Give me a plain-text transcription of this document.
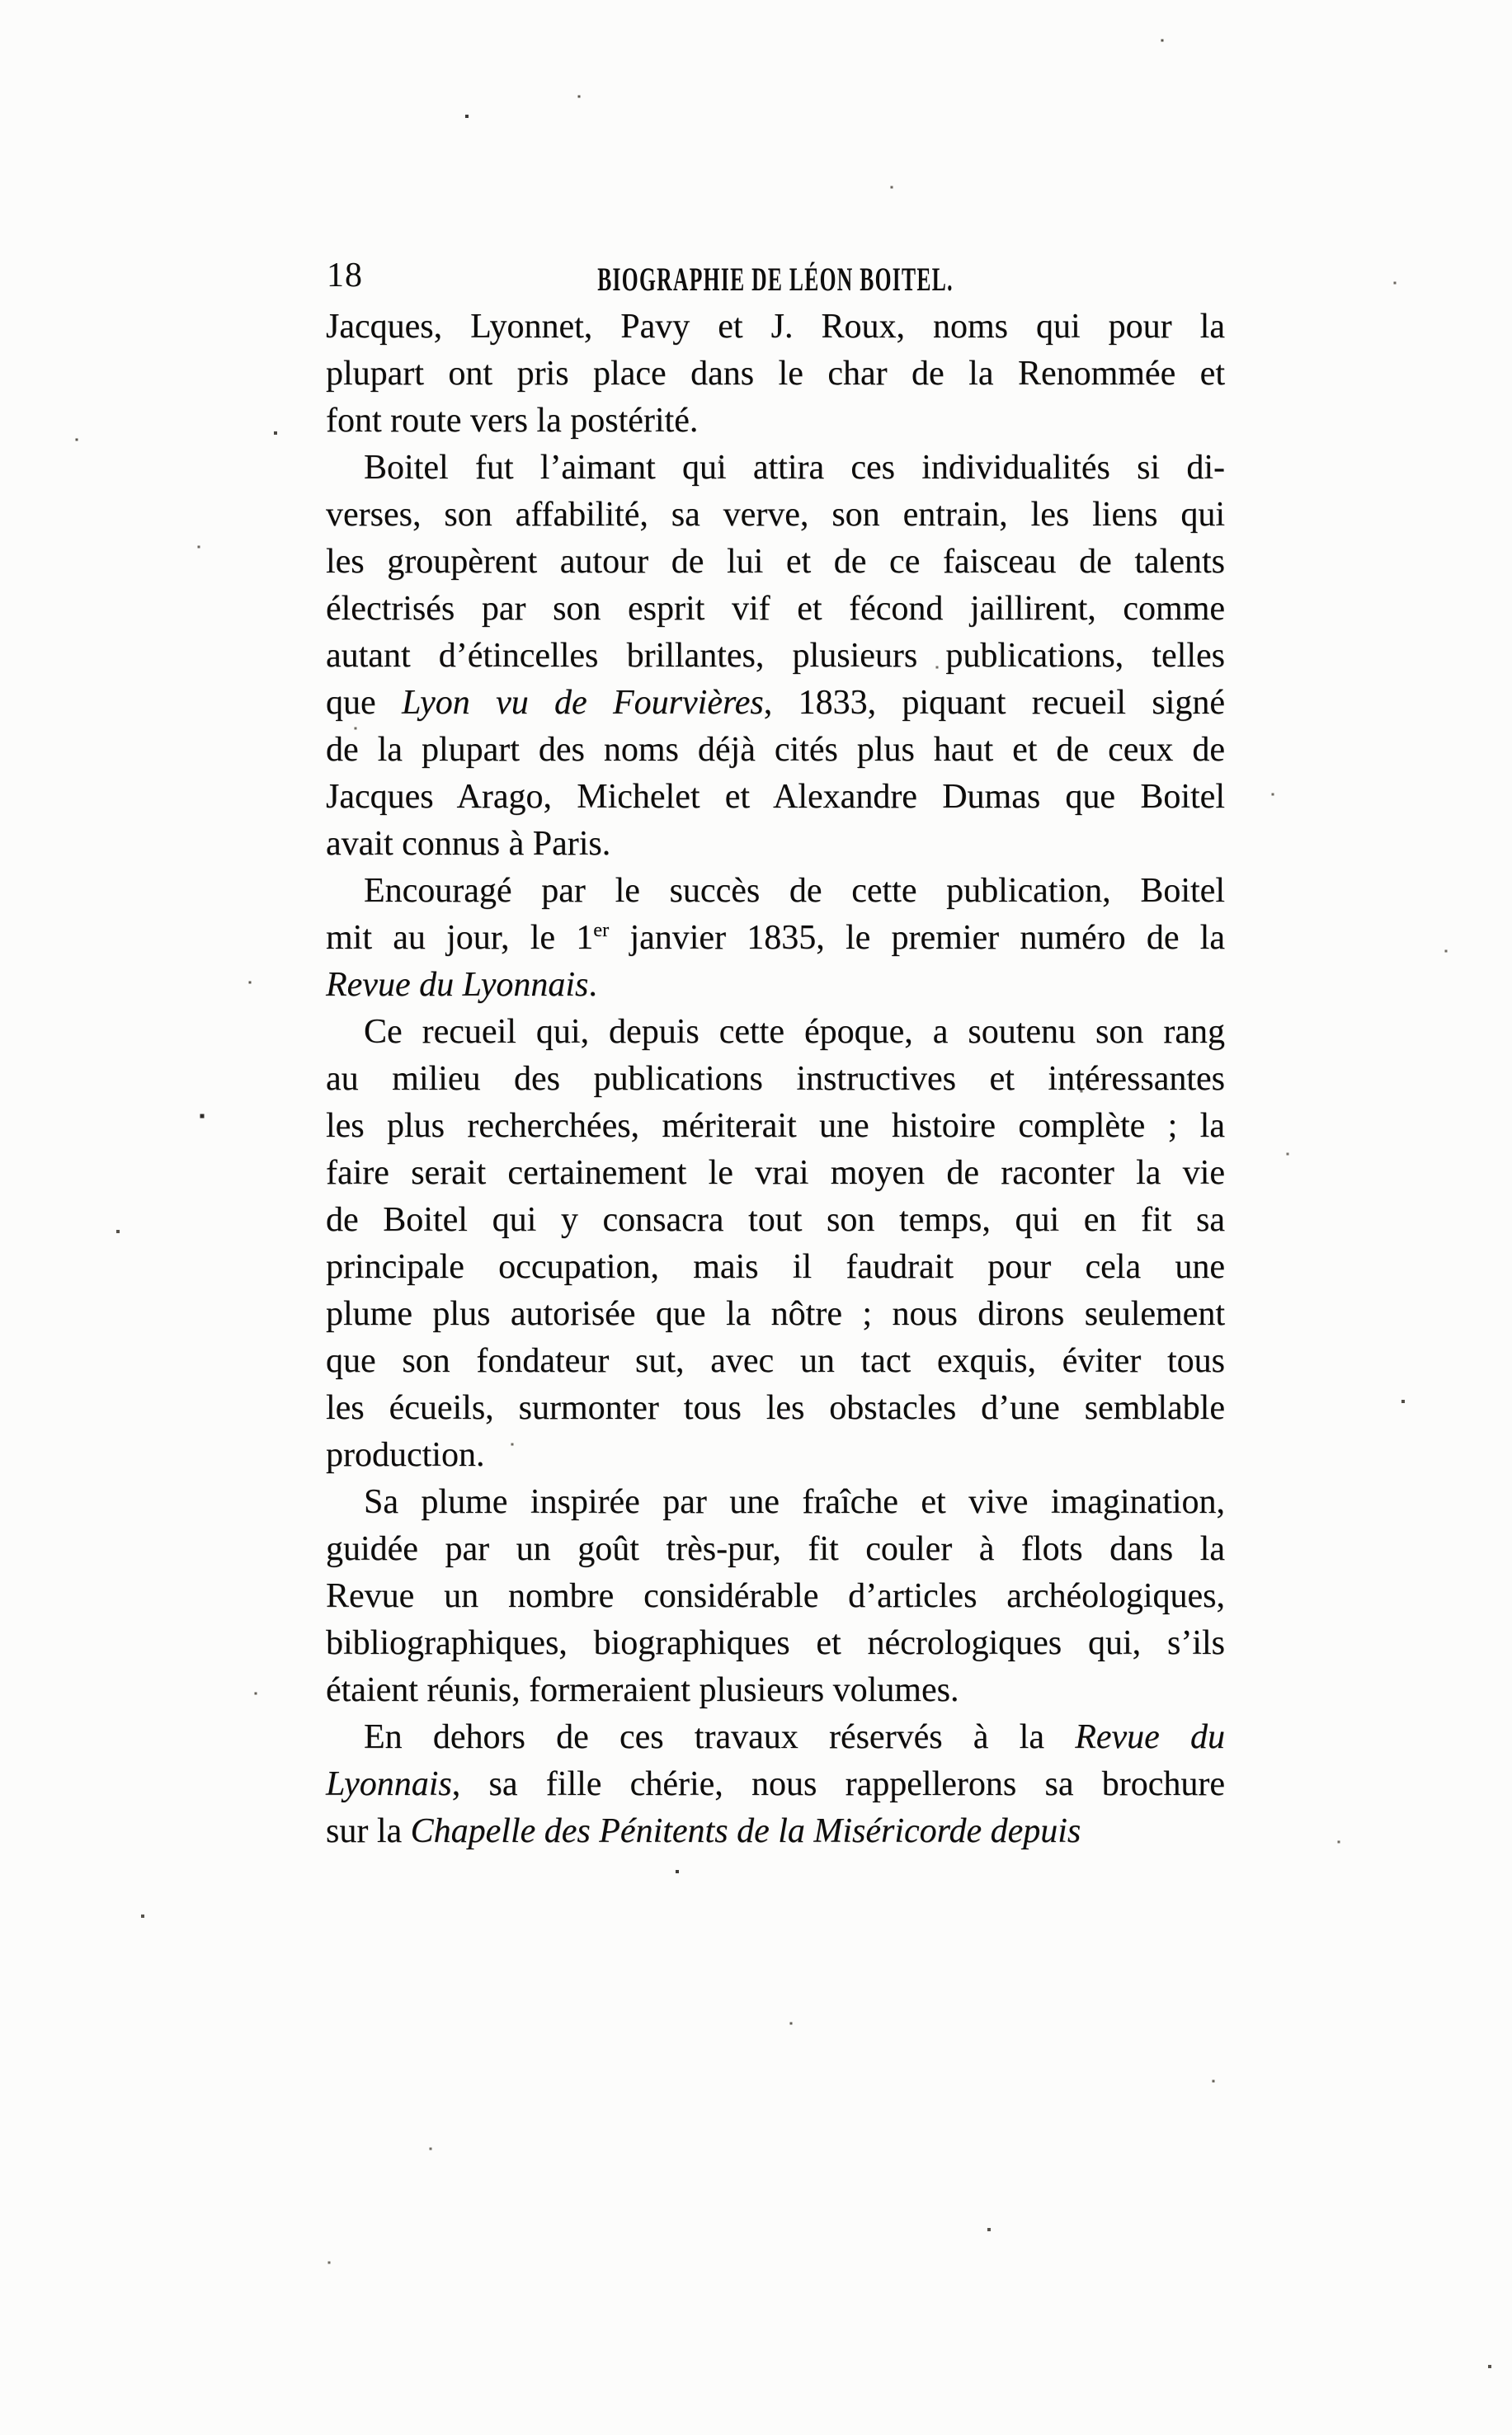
18	BIOGRAPHIE DE LÉON BOITEL.
Jacques, Lyonnet, Pavy et J. Roux, noms qui pour la
plupart ont pris place dans le char de la Renommée et
font route vers la postérité.
Boitel fut l’aimant qui attira ces individualités si di-
verses, son affabilité, sa verve, son entrain, les liens qui
les groupèrent autour de lui et de ce faisceau de talents
électrisés par son esprit vif et fécond jaillirent, comme
autant d’étincelles brillantes, plusieurs publications, telles
que Lyon vu de Fourvières, 1833, piquant recueil signé
de la plupart des noms déjà cités plus haut et de ceux de
Jacques Arago, Michelet et Alexandre Dumas que Boitel
avait connus à Paris.
Encouragé par le succès de cette publication, Boitel
mit au jour, le 1er janvier 1835, le premier numéro de la
Revue du Lyonnais.
Ce recueil qui, depuis cette époque, a soutenu son rang
au milieu des publications instructives et intéressantes
les plus recherchées, mériterait une histoire complète ; la
faire serait certainement le vrai moyen de raconter la vie
de Boitel qui y consacra tout son temps, qui en fit sa
principale occupation, mais il faudrait pour cela une
plume plus autorisée que la nôtre ; nous dirons seulement
que son fondateur sut, avec un tact exquis, éviter tous
les écueils, surmonter tous les obstacles d’une semblable
production.
Sa plume inspirée par une fraîche et vive imagination,
guidée par un goût très-pur, fit couler à flots dans la
Revue un nombre considérable d’articles archéologiques,
bibliographiques, biographiques et nécrologiques qui, s’ils
étaient réunis, formeraient plusieurs volumes.
En dehors de ces travaux réservés à la Revue du
Lyonnais, sa fille chérie, nous rappellerons sa brochure
sur la Chapelle des Pénitents de la Miséricorde depuis
